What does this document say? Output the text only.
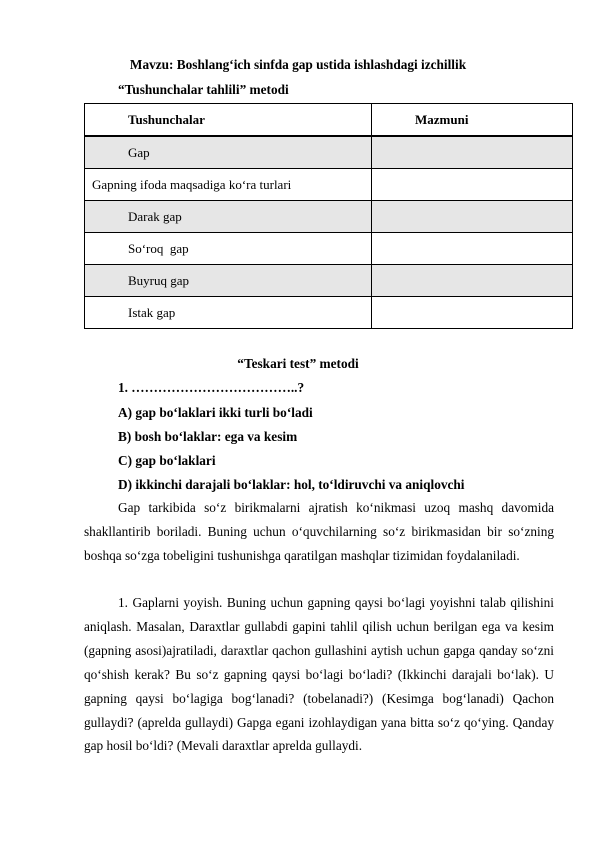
Mavzu: Boshlang‘ich sinfda gap ustida ishlashdagi izchillik
“Tushunchalar tahlili” metodi
Tushunchalar	Mazmuni
Gap	
Gapning ifoda maqsadiga ko‘ra turlari	
Darak gap	
So‘roq  gap	
Buyruq gap	
Istak gap	
“Teskari test” metodi
1. ………………………………..?
A) gap bo‘laklari ikki turli bo‘ladi
B) bosh bo‘laklar: ega va kesim
C) gap bo‘laklari
D) ikkinchi darajali bo‘laklar: hol, to‘ldiruvchi va aniqlovchi

Gap tarkibida so‘z birikmalarni ajratish ko‘nikmasi uzoq mashq davomida shakllantirib boriladi. Buning uchun o‘quvchilarning so‘z birikmasidan bir so‘zning boshqa so‘zga tobeligini tushunishga qaratilgan mashqlar tizimidan foydalaniladi.

1. Gaplarni yoyish. Buning uchun gapning qaysi bo‘lagi yoyishni talab qilishini aniqlash. Masalan, Daraxtlar gullabdi gapini tahlil qilish uchun berilgan ega va kesim (gapning asosi)ajratiladi, daraxtlar qachon gullashini aytish uchun gapga qanday so‘zni qo‘shish kerak? Bu so‘z gapning qaysi bo‘lagi bo‘ladi? (Ikkinchi darajali bo‘lak). U gapning qaysi bo‘lagiga bog‘lanadi? (tobelanadi?) (Kesimga bog‘lanadi) Qachon gullaydi? (aprelda gullaydi) Gapga egani izohlaydigan yana bitta so‘z qo‘ying. Qanday gap hosil bo‘ldi? (Mevali daraxtlar aprelda gullaydi.
